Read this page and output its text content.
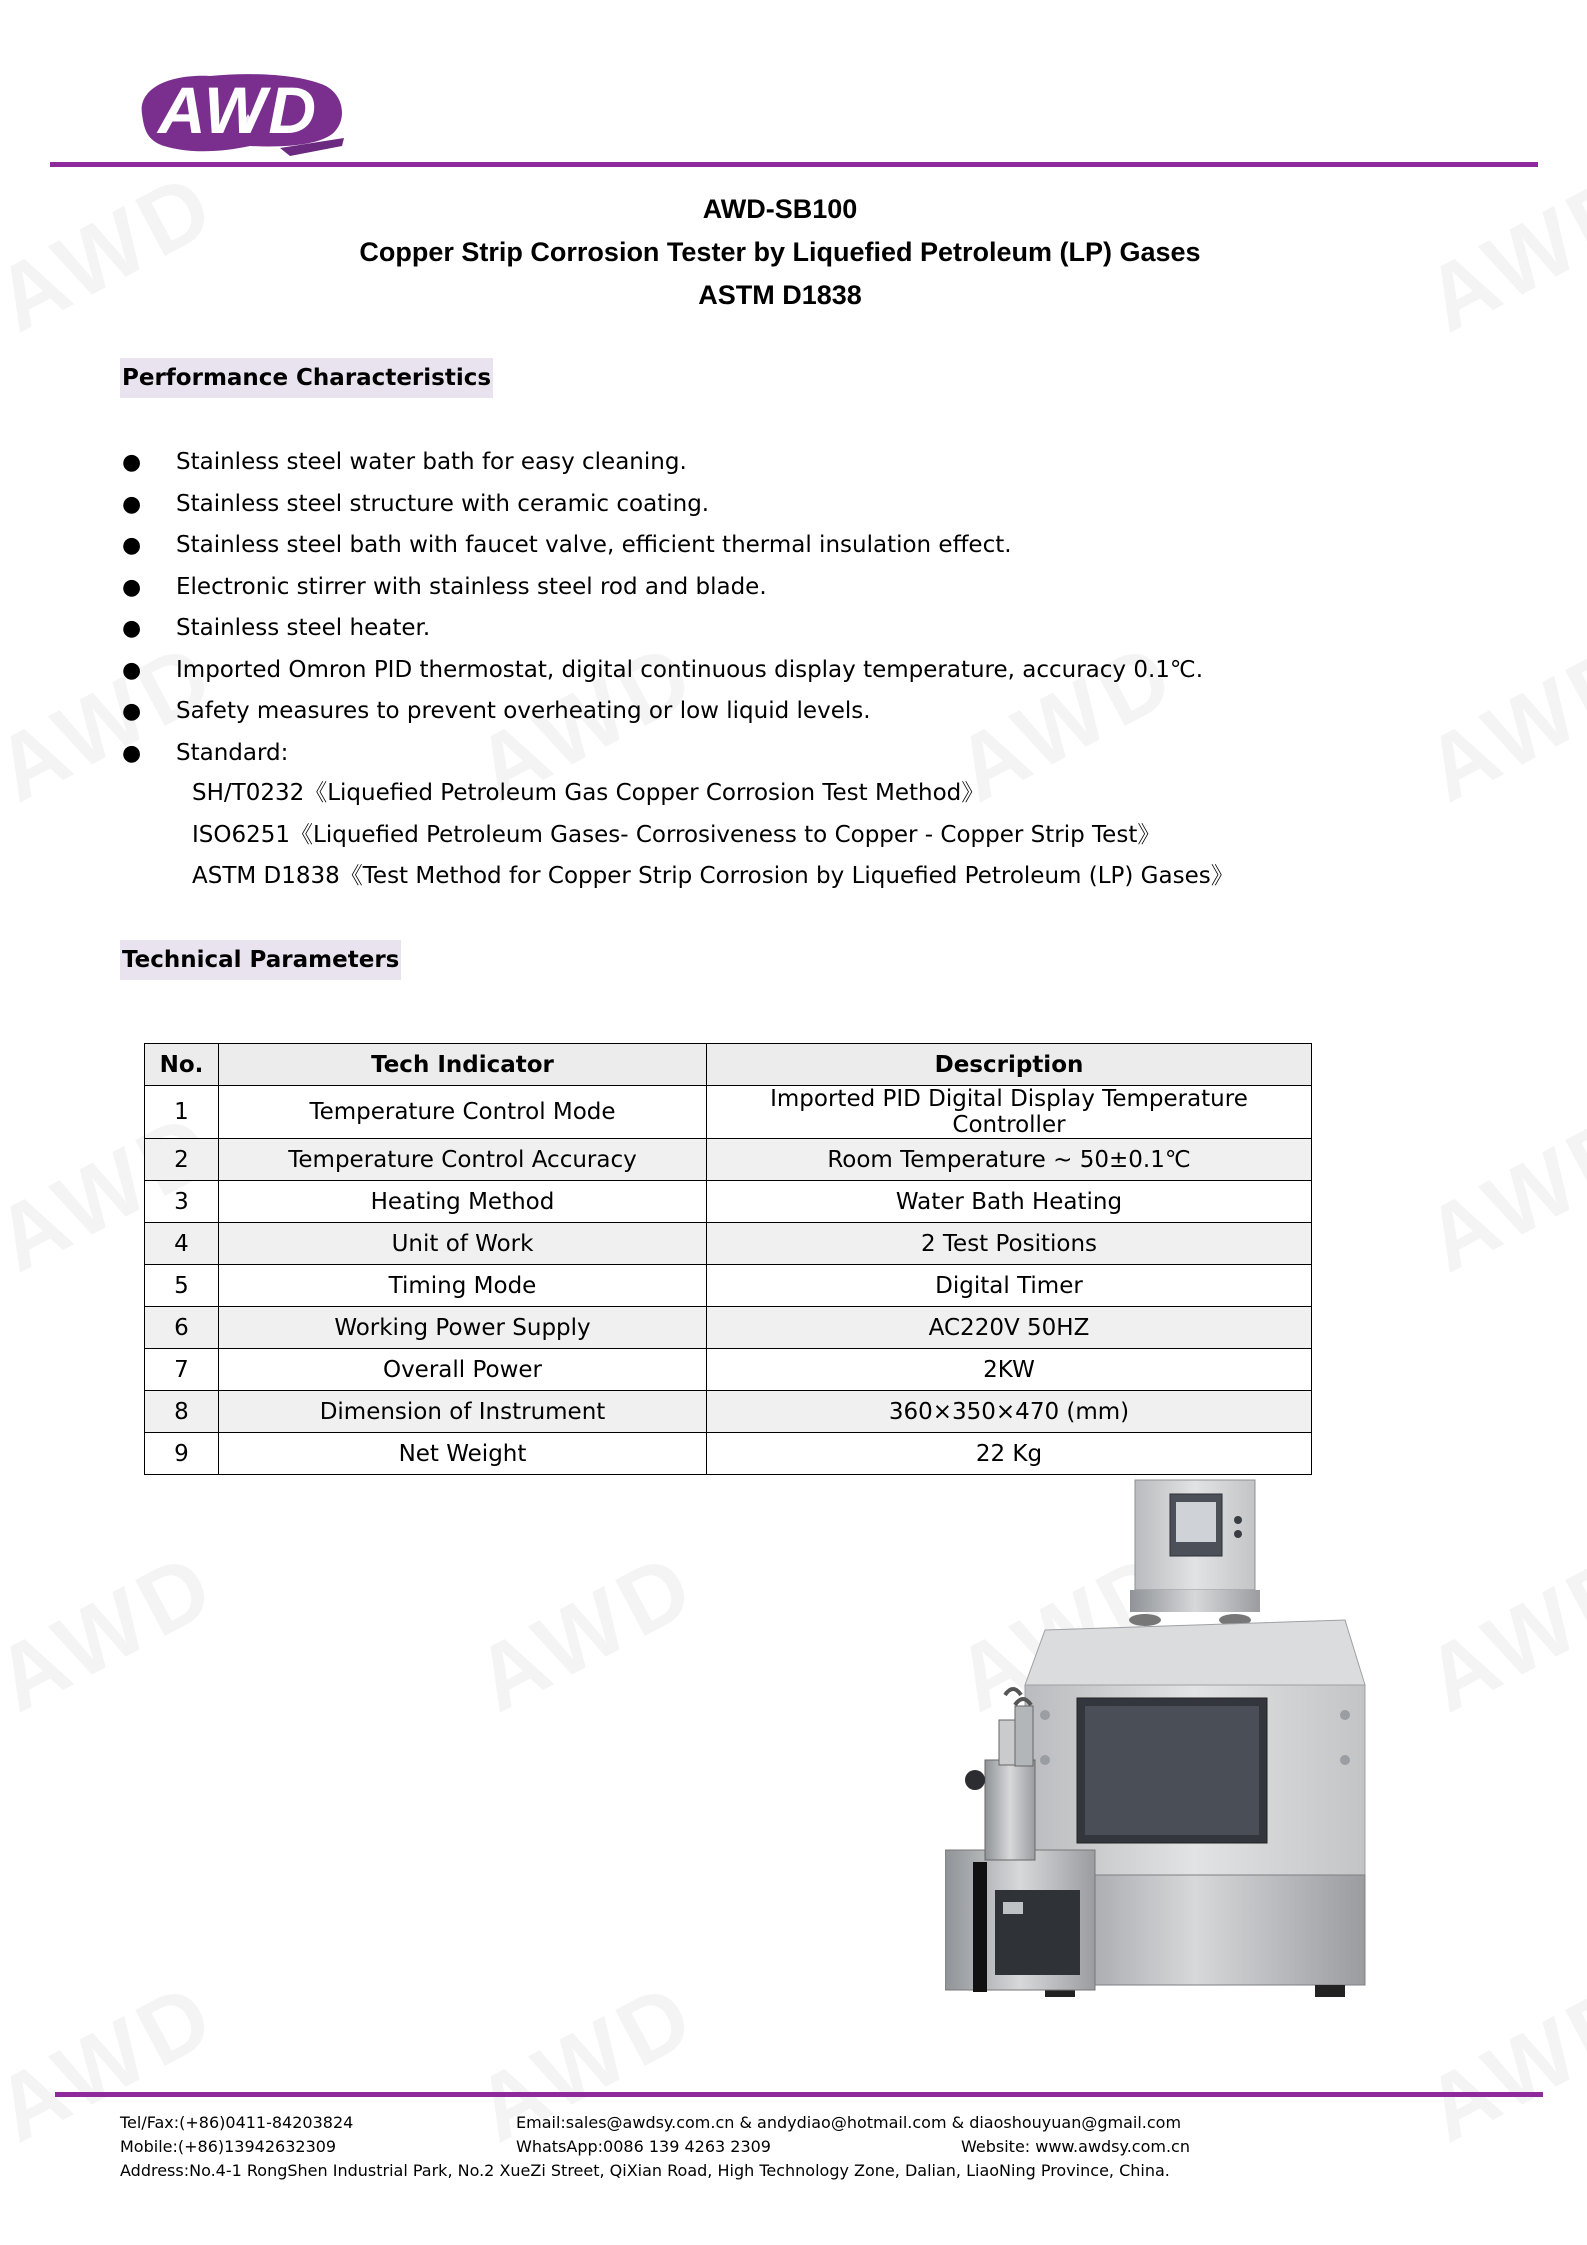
AWD
AWD-SB100
Copper Strip Corrosion Tester by Liquefied Petroleum (LP) Gases
ASTM D1838
Performance Characteristics
● Stainless steel water bath for easy cleaning.
● Stainless steel structure with ceramic coating.
● Stainless steel bath with faucet valve, efficient thermal insulation effect.
● Electronic stirrer with stainless steel rod and blade.
● Stainless steel heater.
● Imported Omron PID thermostat, digital continuous display temperature, accuracy 0.1℃.
● Safety measures to prevent overheating or low liquid levels.
● Standard:
SH/T0232《Liquefied Petroleum Gas Copper Corrosion Test Method》
ISO6251《Liquefied Petroleum Gases- Corrosiveness to Copper - Copper Strip Test》
ASTM D1838《Test Method for Copper Strip Corrosion by Liquefied Petroleum (LP) Gases》
Technical Parameters
No.	Tech Indicator	Description
1	Temperature Control Mode	Imported PID Digital Display Temperature Controller
2	Temperature Control Accuracy	Room Temperature ~ 50±0.1℃
3	Heating Method	Water Bath Heating
4	Unit of Work	2 Test Positions
5	Timing Mode	Digital Timer
6	Working Power Supply	AC220V 50HZ
7	Overall Power	2KW
8	Dimension of Instrument	360×350×470 (mm)
9	Net Weight	22 Kg
Tel/Fax:(+86)0411-84203824	Email:sales@awdsy.com.cn & andydiao@hotmail.com & diaoshouyuan@gmail.com
Mobile:(+86)13942632309	WhatsApp:0086 139 4263 2309	Website: www.awdsy.com.cn
Address:No.4-1 RongShen Industrial Park, No.2 XueZi Street, QiXian Road, High Technology Zone, Dalian, LiaoNing Province, China.
